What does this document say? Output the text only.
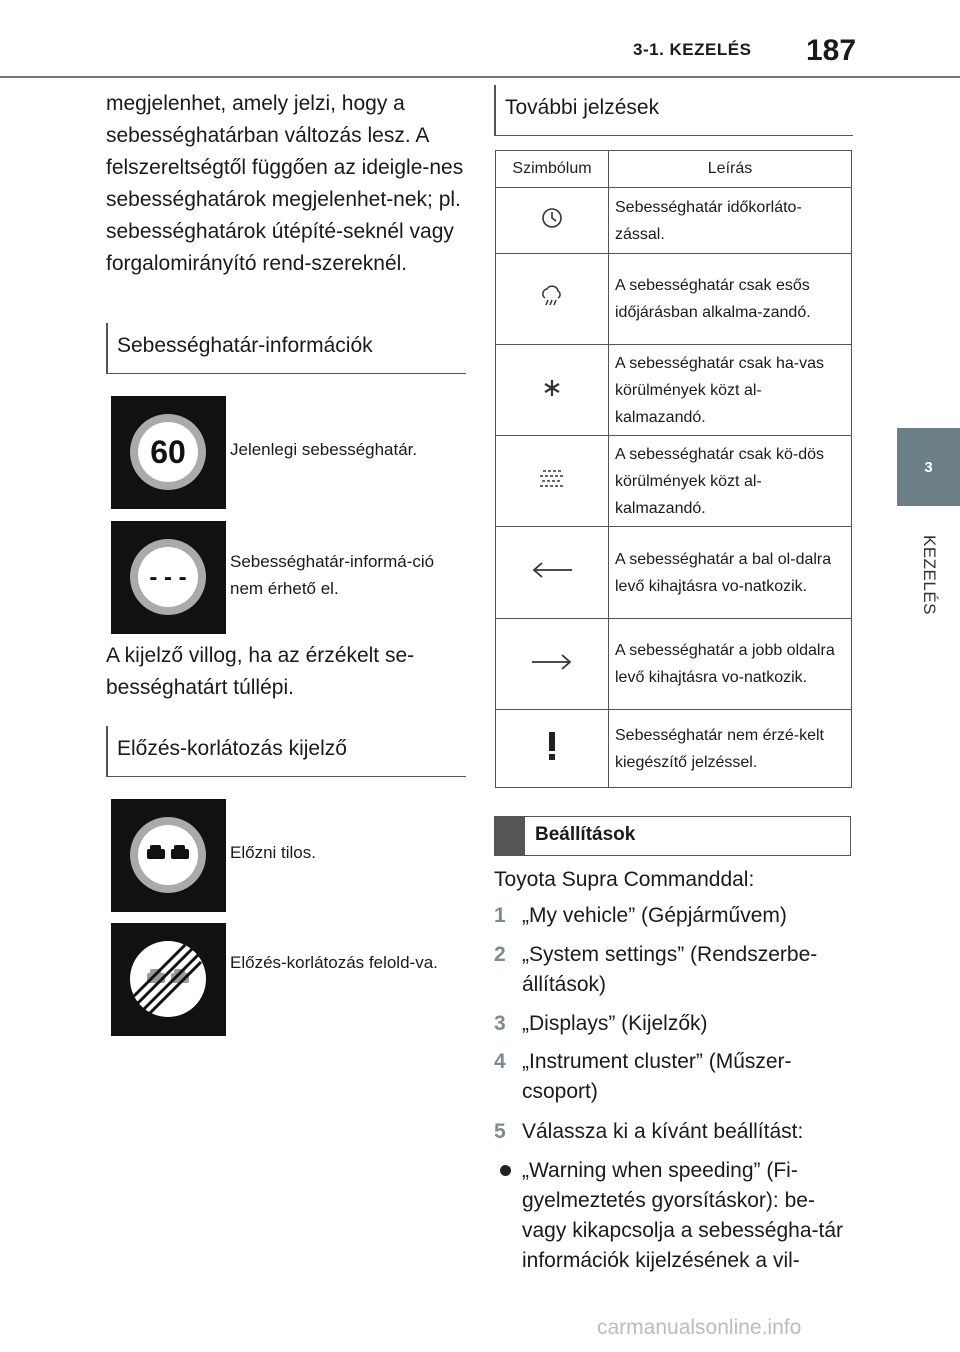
3-1. KEZELÉS 187
3
KEZELÉS
megjelenhet, amely jelzi, hogy a sebességhatárban változás lesz. A felszereltségtől függően az ideigle-nes sebességhatárok megjelenhet-nek; pl. sebességhatárok útépíté-seknél vagy forgalomirányító rend-szereknél.
Sebességhatár-információk
60	Jelenlegi sebességhatár.
- - -
Sebességhatár-informá-ció nem érhető el.
A kijelző villog, ha az érzékelt se-bességhatárt túllépi.
Előzés-korlátozás kijelző
Előzni tilos.
Előzés-korlátozás felold-va.
További jelzések
Szimbólum	Leírás
	Sebességhatár időkorláto-zással.
	A sebességhatár csak esős időjárásban alkalma-zandó.
	A sebességhatár csak ha-vas körülmények közt al-kalmazandó.
	A sebességhatár csak kö-dös körülmények közt al-kalmazandó.
	A sebességhatár a bal ol-dalra levő kihajtásra vo-natkozik.
	A sebességhatár a jobb oldalra levő kihajtásra vo-natkozik.
	Sebességhatár nem érzé-kelt kiegészítő jelzéssel.
Beállítások
Toyota Supra Commanddal:
1 „My vehicle” (Gépjárművem)
2 „System settings” (Rendszerbe-állítások)
3 „Displays” (Kijelzők)
4 „Instrument cluster” (Műszer-csoport)
5 Válassza ki a kívánt beállítást:
„Warning when speeding” (Fi-gyelmeztetés gyorsításkor): be-vagy kikapcsolja a sebességha-tár információk kijelzésének a vil-
carmanualsonline.info
